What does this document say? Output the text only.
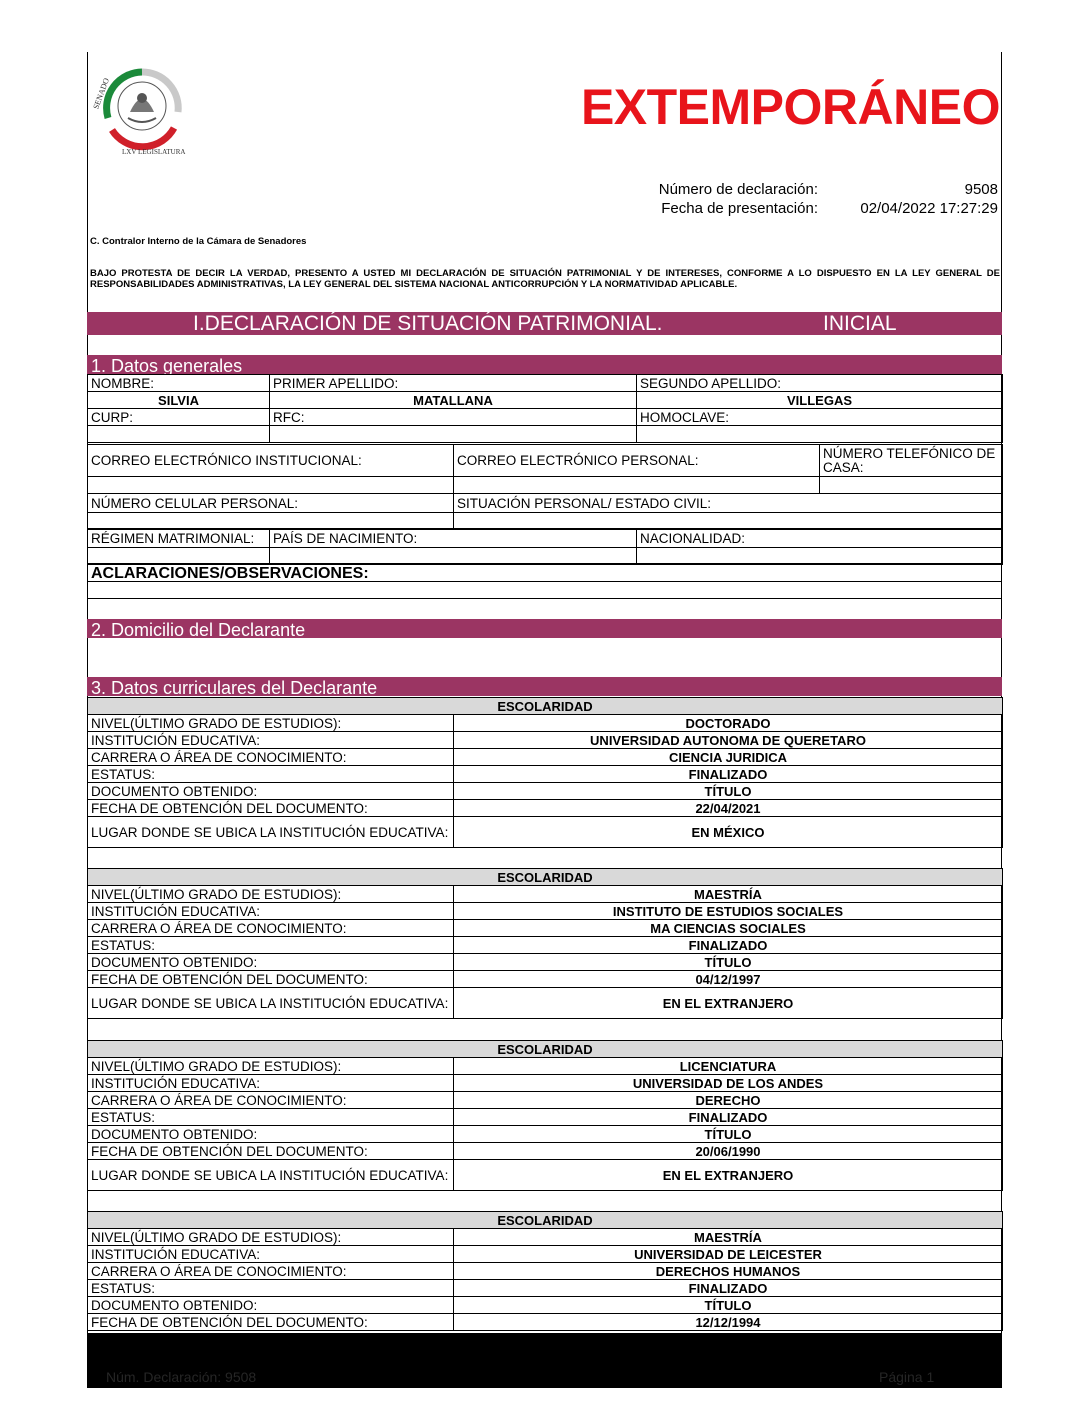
SENADO
LXV LEGISLATURA
EXTEMPORÁNEO
Número de declaración:	9508
Fecha de presentación:	02/04/2022 17:27:29
C. Contralor Interno de la Cámara de Senadores
BAJO PROTESTA DE DECIR LA VERDAD, PRESENTO A USTED MI DECLARACIÓN DE SITUACIÓN PATRIMONIAL Y DE INTERESES, CONFORME A LO DISPUESTO EN LA LEY GENERAL DE RESPONSABILIDADES ADMINISTRATIVAS, LA LEY GENERAL DEL SISTEMA NACIONAL ANTICORRUPCIÓN Y LA NORMATIVIDAD APLICABLE.
I.DECLARACIÓN DE SITUACIÓN PATRIMONIAL.	INICIAL
1. Datos generales
NOMBRE:	PRIMER APELLIDO:	SEGUNDO APELLIDO:
SILVIA	MATALLANA	VILLEGAS
CURP:	RFC:	HOMOCLAVE:

CORREO ELECTRÓNICO INSTITUCIONAL:	CORREO ELECTRÓNICO PERSONAL:	NÚMERO TELEFÓNICO DE CASA:

NÚMERO CELULAR PERSONAL:	SITUACIÓN PERSONAL/ ESTADO CIVIL:

RÉGIMEN MATRIMONIAL:	PAÍS DE NACIMIENTO:	NACIONALIDAD:

ACLARACIONES/OBSERVACIONES:
2. Domicilio del Declarante
3. Datos curriculares del Declarante
ESCOLARIDAD	
NIVEL(ÚLTIMO GRADO DE ESTUDIOS):	DOCTORADO
INSTITUCIÓN EDUCATIVA:	UNIVERSIDAD AUTONOMA DE QUERETARO
CARRERA O ÁREA DE CONOCIMIENTO:	CIENCIA JURIDICA
ESTATUS:	FINALIZADO
DOCUMENTO OBTENIDO:	TÍTULO
FECHA DE OBTENCIÓN DEL DOCUMENTO:	22/04/2021
LUGAR DONDE SE UBICA LA INSTITUCIÓN EDUCATIVA:	EN MÉXICO
ESCOLARIDAD	
NIVEL(ÚLTIMO GRADO DE ESTUDIOS):	MAESTRÍA
INSTITUCIÓN EDUCATIVA:	INSTITUTO DE ESTUDIOS SOCIALES
CARRERA O ÁREA DE CONOCIMIENTO:	MA CIENCIAS SOCIALES
ESTATUS:	FINALIZADO
DOCUMENTO OBTENIDO:	TÍTULO
FECHA DE OBTENCIÓN DEL DOCUMENTO:	04/12/1997
LUGAR DONDE SE UBICA LA INSTITUCIÓN EDUCATIVA:	EN EL EXTRANJERO
ESCOLARIDAD	
NIVEL(ÚLTIMO GRADO DE ESTUDIOS):	LICENCIATURA
INSTITUCIÓN EDUCATIVA:	UNIVERSIDAD DE LOS ANDES
CARRERA O ÁREA DE CONOCIMIENTO:	DERECHO
ESTATUS:	FINALIZADO
DOCUMENTO OBTENIDO:	TÍTULO
FECHA DE OBTENCIÓN DEL DOCUMENTO:	20/06/1990
LUGAR DONDE SE UBICA LA INSTITUCIÓN EDUCATIVA:	EN EL EXTRANJERO
ESCOLARIDAD	
NIVEL(ÚLTIMO GRADO DE ESTUDIOS):	MAESTRÍA
INSTITUCIÓN EDUCATIVA:	UNIVERSIDAD DE LEICESTER
CARRERA O ÁREA DE CONOCIMIENTO:	DERECHOS HUMANOS
ESTATUS:	FINALIZADO
DOCUMENTO OBTENIDO:	TÍTULO
FECHA DE OBTENCIÓN DEL DOCUMENTO:	12/12/1994
Núm. Declaración: 9508	Página 1
